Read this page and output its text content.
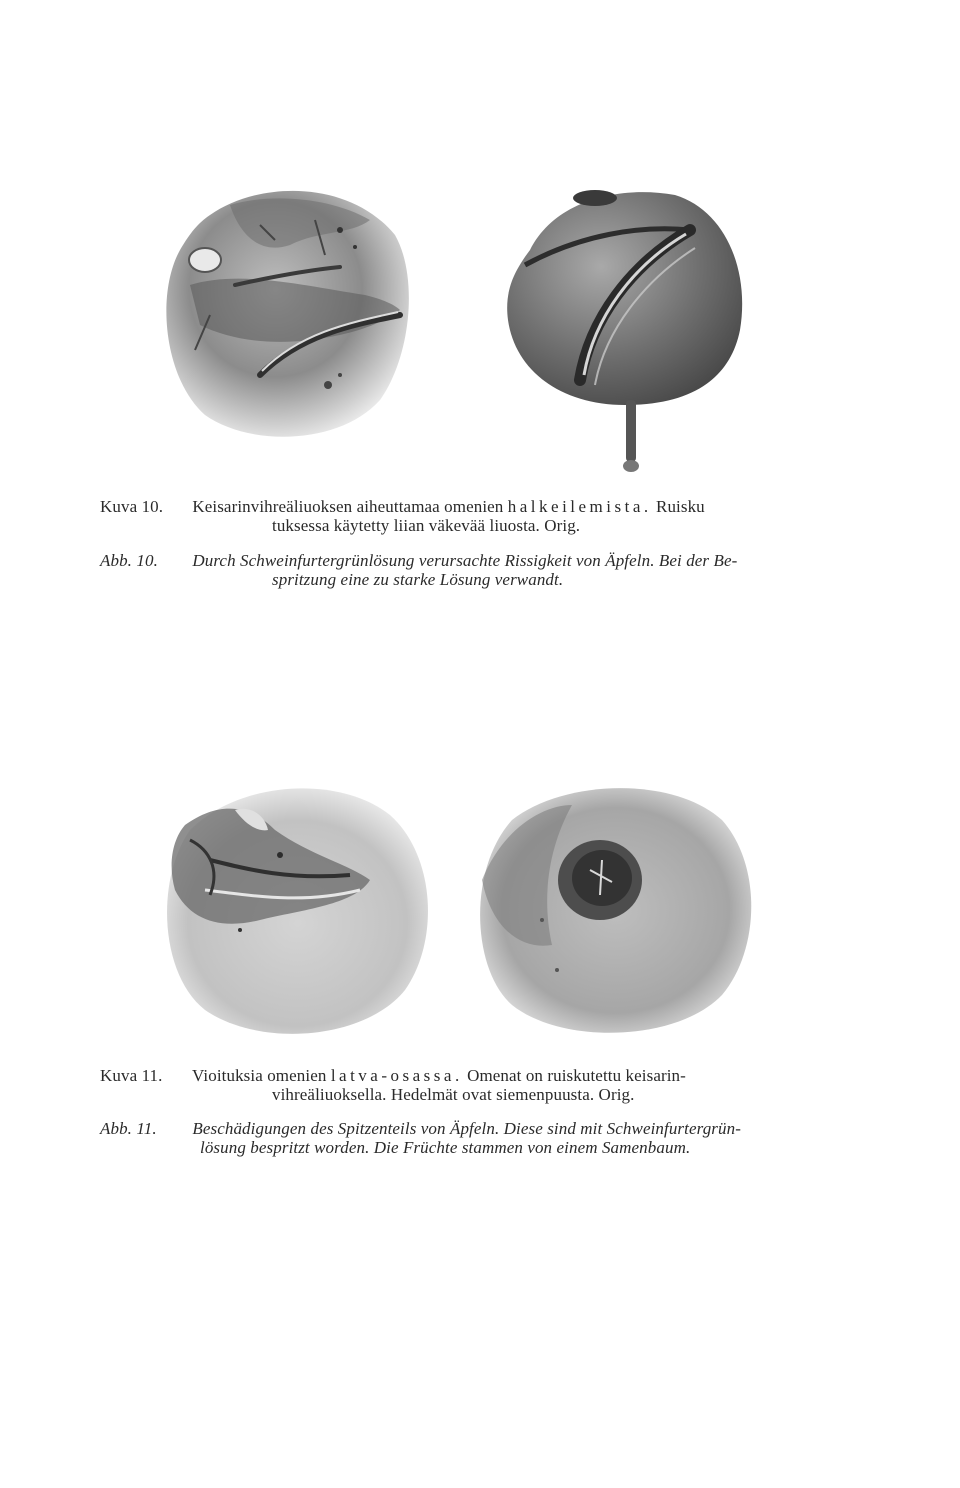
Kuva 10. Keisarinvihreäliuoksen aiheuttamaa omenien halkeilemista. Ruisku
tuksessa käytetty liian väkevää liuosta. Orig.
Abb. 10. Durch Schweinfurtergrünlösung verursachte Rissigkeit von Äpfeln. Bei der Be-
spritzung eine zu starke Lösung verwandt.
Kuva 11. Vioituksia omenien latva-osassa. Omenat on ruiskutettu keisarin-
vihreäliuoksella. Hedelmät ovat siemenpuusta. Orig.
Abb. 11. Beschädigungen des Spitzenteils von Äpfeln. Diese sind mit Schweinfurtergrün-
lösung bespritzt worden. Die Früchte stammen von einem Samenbaum.
